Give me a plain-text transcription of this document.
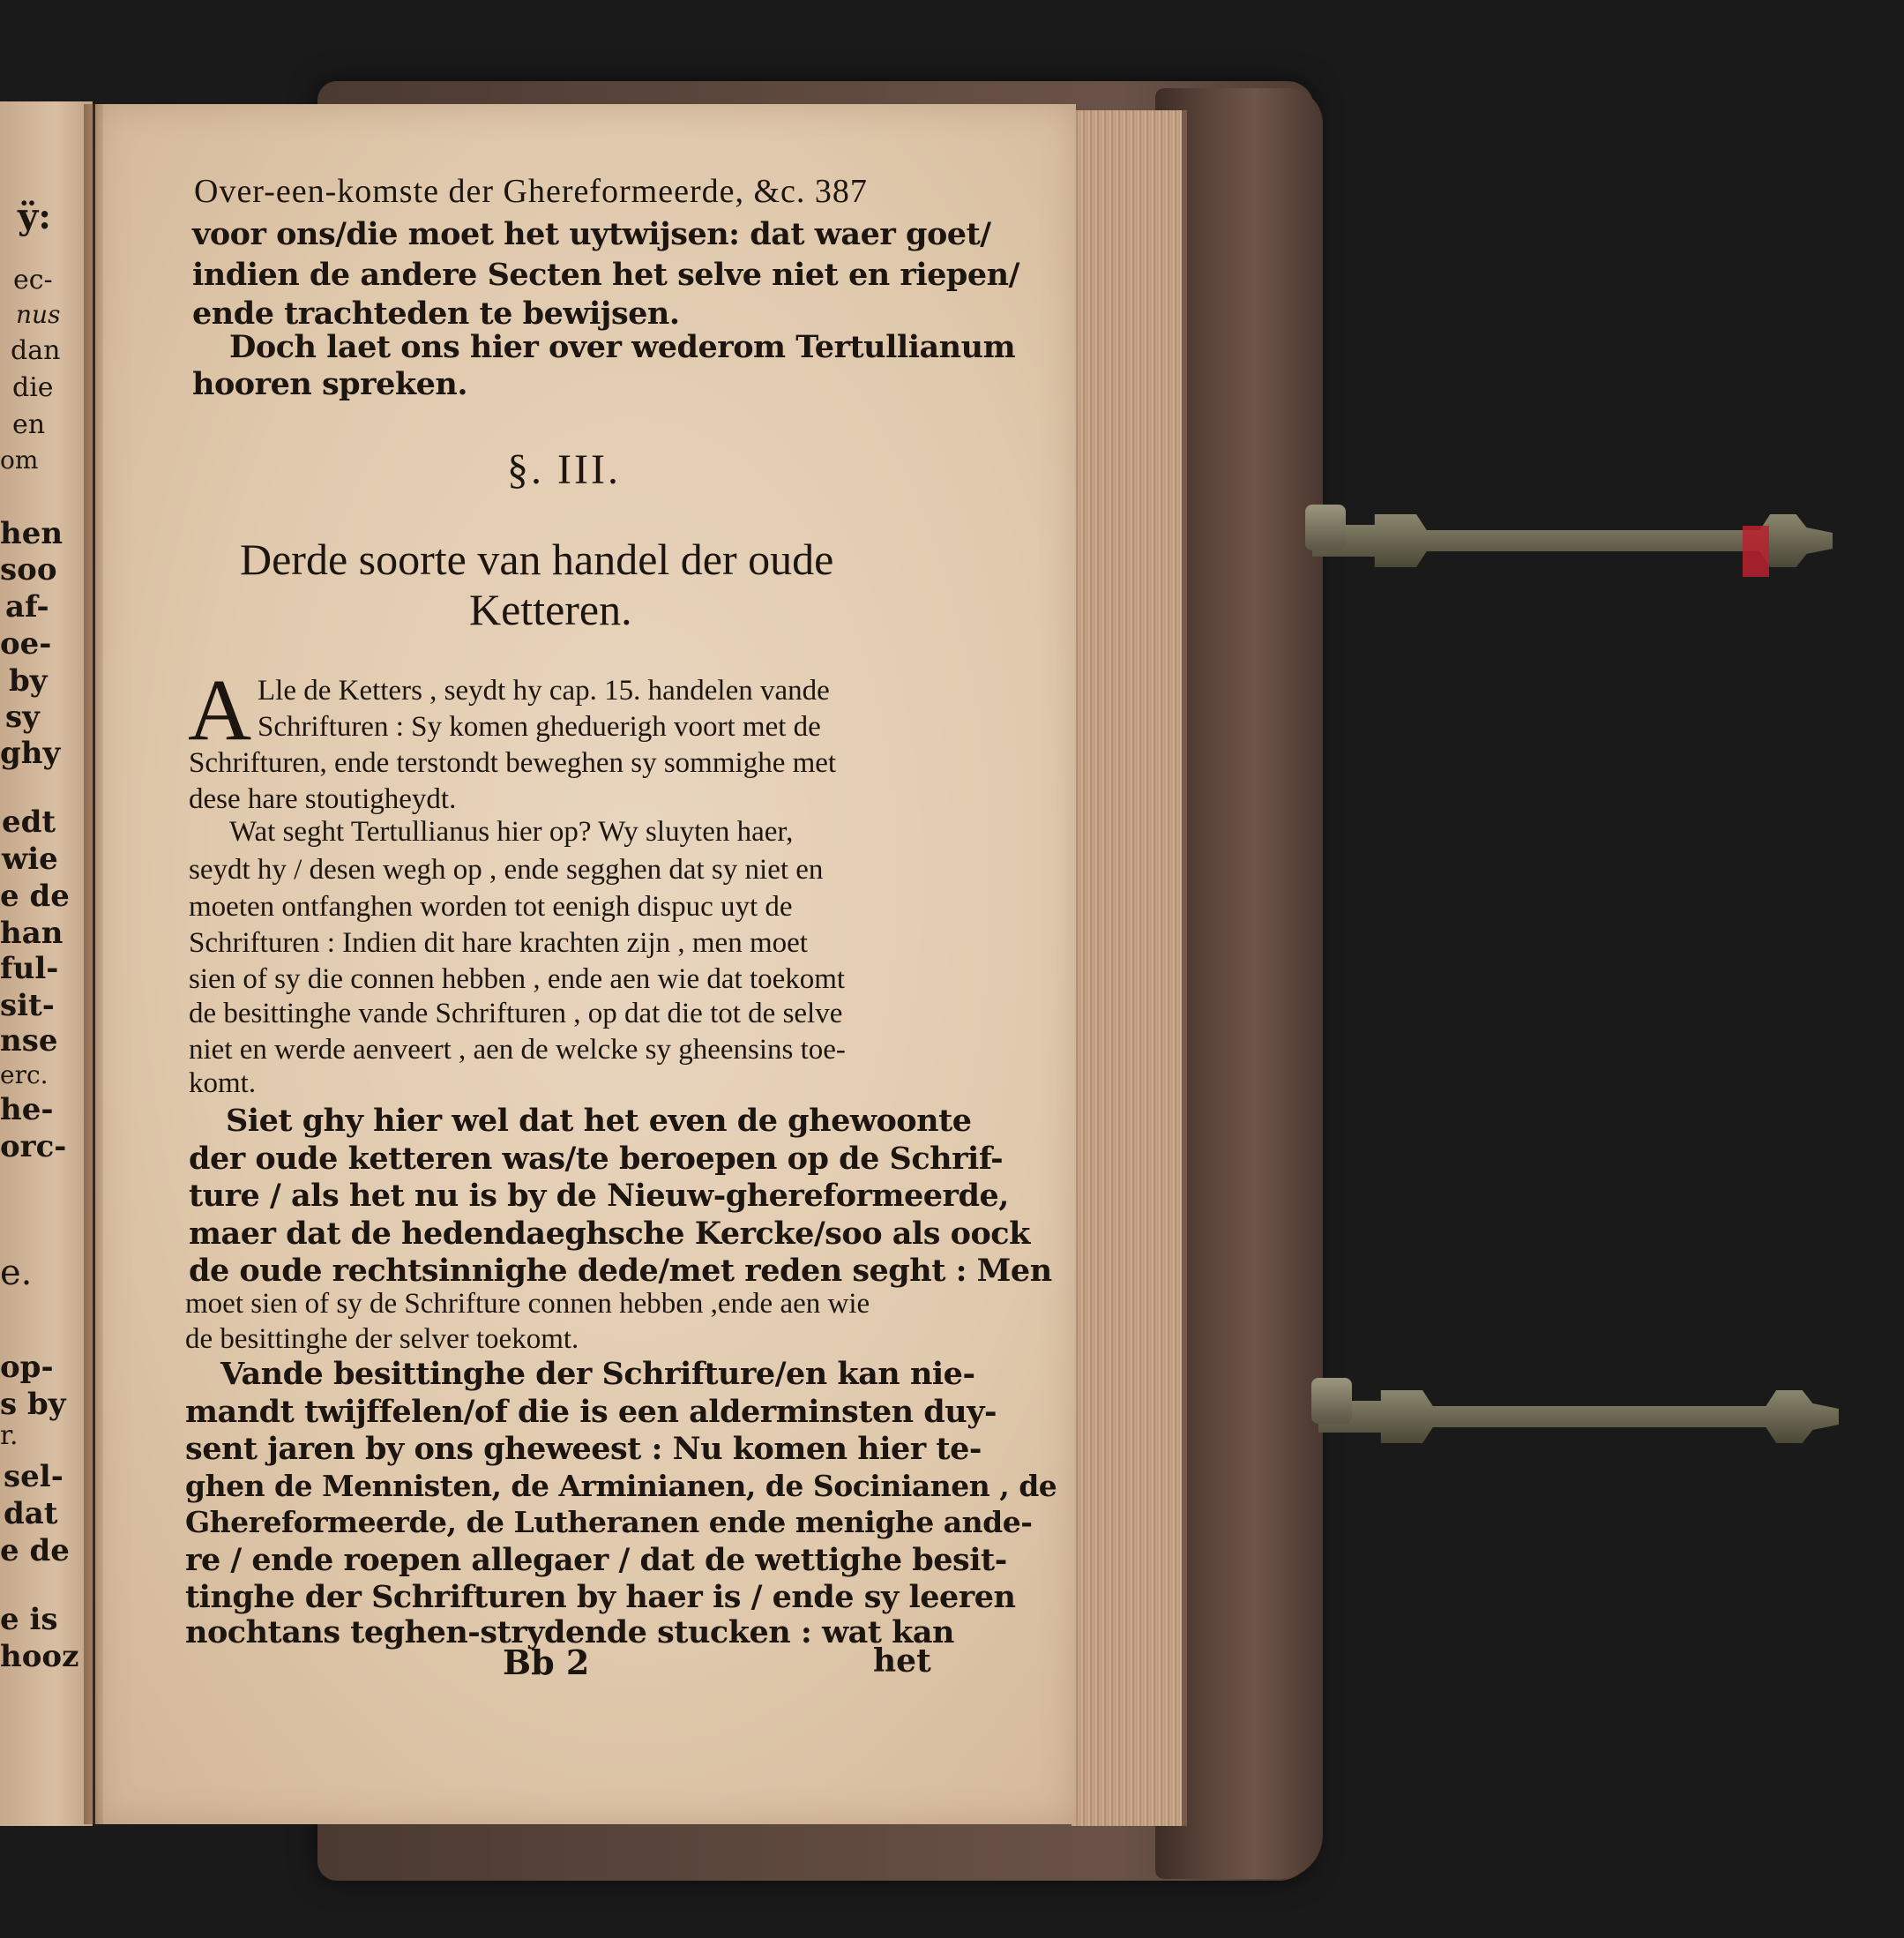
ÿ:
ec-
nus
dan
die
en
om
hen
soo
af-
oe-
by
sy
ghy
edt
wie
e de
han
ful-
sit-
nse
erc.
he-
orc-
e.
op-
s by
r.
sel-
dat
e de
e is
hooz
Over-een-komste der Ghereformeerde, &c. 387
voor ons/die moet het uytwijsen: dat waer goet/
indien de andere Secten het selve niet en riepen/
ende trachteden te bewijsen.
Doch laet ons hier over wederom Tertullianum
hooren spreken.
§. III.
Derde soorte van handel der oude
Ketteren.
A Lle de Ketters , seydt hy cap. 15. handelen vande
Schrifturen : Sy komen gheduerigh voort met de
Schrifturen, ende terstondt beweghen sy sommighe met
dese hare stoutigheydt.
Wat seght Tertullianus hier op? Wy sluyten haer,
seydt hy / desen wegh op , ende segghen dat sy niet en
moeten ontfanghen worden tot eenigh dispuc uyt de
Schrifturen : Indien dit hare krachten zijn , men moet
sien of sy die connen hebben , ende aen wie dat toekomt
de besittinghe vande Schrifturen , op dat die tot de selve
niet en werde aenveert , aen de welcke sy gheensins toe-
komt.
Siet ghy hier wel dat het even de ghewoonte
der oude ketteren was/te beroepen op de Schrif-
ture / als het nu is by de Nieuw-ghereformeerde,
maer dat de hedendaeghsche Kercke/soo als oock
de oude rechtsinnighe dede/met reden seght : Men
moet sien of sy de Schrifture connen hebben ,ende aen wie
de besittinghe der selver toekomt.
Vande besittinghe der Schrifture/en kan nie-
mandt twijffelen/of die is een alderminsten duy-
sent jaren by ons gheweest : Nu komen hier te-
ghen de Mennisten, de Arminianen, de Socinianen , de
Ghereformeerde, de Lutheranen ende menighe ande-
re / ende roepen allegaer / dat de wettighe besit-
tinghe der Schrifturen by haer is / ende sy leeren
nochtans teghen-strydende stucken : wat kan
Bb 2	het
